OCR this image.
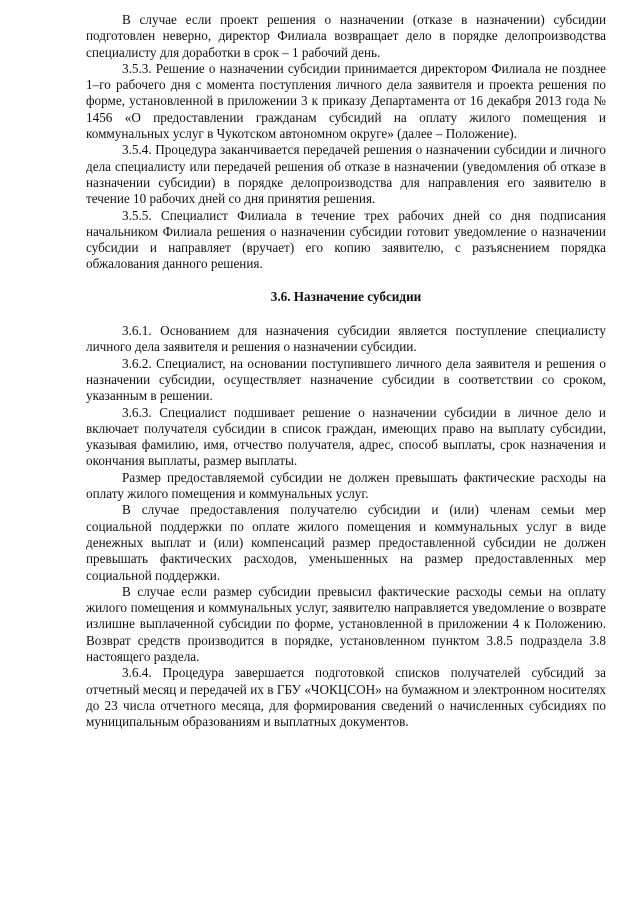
В случае если проект решения о назначении (отказе в назначении) субсидии подготовлен неверно, директор Филиала возвращает дело в порядке делопроизводства специалисту для доработки в срок – 1 рабочий день.

3.5.3. Решение о назначении субсидии принимается директором Филиала не позднее 1–го рабочего дня с момента поступления личного дела заявителя и проекта решения по форме, установленной в приложении 3 к приказу Департамента от 16 декабря 2013 года № 1456 «О предоставлении гражданам субсидий на оплату жилого помещения и коммунальных услуг в Чукотском автономном округе» (далее – Положение).

3.5.4. Процедура заканчивается передачей решения о назначении субсидии и личного дела специалисту или передачей решения об отказе в назначении (уведомления об отказе в назначении субсидии) в порядке делопроизводства для направления его заявителю в течение 10 рабочих дней со дня принятия решения.

3.5.5. Специалист Филиала в течение трех рабочих дней со дня подписания начальником Филиала решения о назначении субсидии готовит уведомление о назначении субсидии и направляет (вручает) его копию заявителю, с разъяснением порядка обжалования данного решения.

3.6. Назначение субсидии

3.6.1. Основанием для назначения субсидии является поступление специалисту личного дела заявителя и решения о назначении субсидии.

3.6.2. Специалист, на основании поступившего личного дела заявителя и решения о назначении субсидии, осуществляет назначение субсидии в соответствии со сроком, указанным в решении.

3.6.3. Специалист подшивает решение о назначении субсидии в личное дело и включает получателя субсидии в список граждан, имеющих право на выплату субсидии, указывая фамилию, имя, отчество получателя, адрес, способ выплаты, срок назначения и окончания выплаты, размер выплаты.

Размер предоставляемой субсидии не должен превышать фактические расходы на оплату жилого помещения и коммунальных услуг.

В случае предоставления получателю субсидии и (или) членам семьи мер социальной поддержки по оплате жилого помещения и коммунальных услуг в виде денежных выплат и (или) компенсаций размер предоставленной субсидии не должен превышать фактических расходов, уменьшенных на размер предоставленных мер социальной поддержки.

В случае если размер субсидии превысил фактические расходы семьи на оплату жилого помещения и коммунальных услуг, заявителю направляется уведомление о возврате излишне выплаченной субсидии по форме, установленной в приложении 4 к Положению. Возврат средств производится в порядке, установленном пунктом 3.8.5 подраздела 3.8 настоящего раздела.

3.6.4. Процедура завершается подготовкой списков получателей субсидий за отчетный месяц и передачей их в ГБУ «ЧОКЦСОН» на бумажном и электронном носителях до 23 числа отчетного месяца, для формирования сведений о начисленных субсидиях по муниципальным образованиям и выплатных документов.
